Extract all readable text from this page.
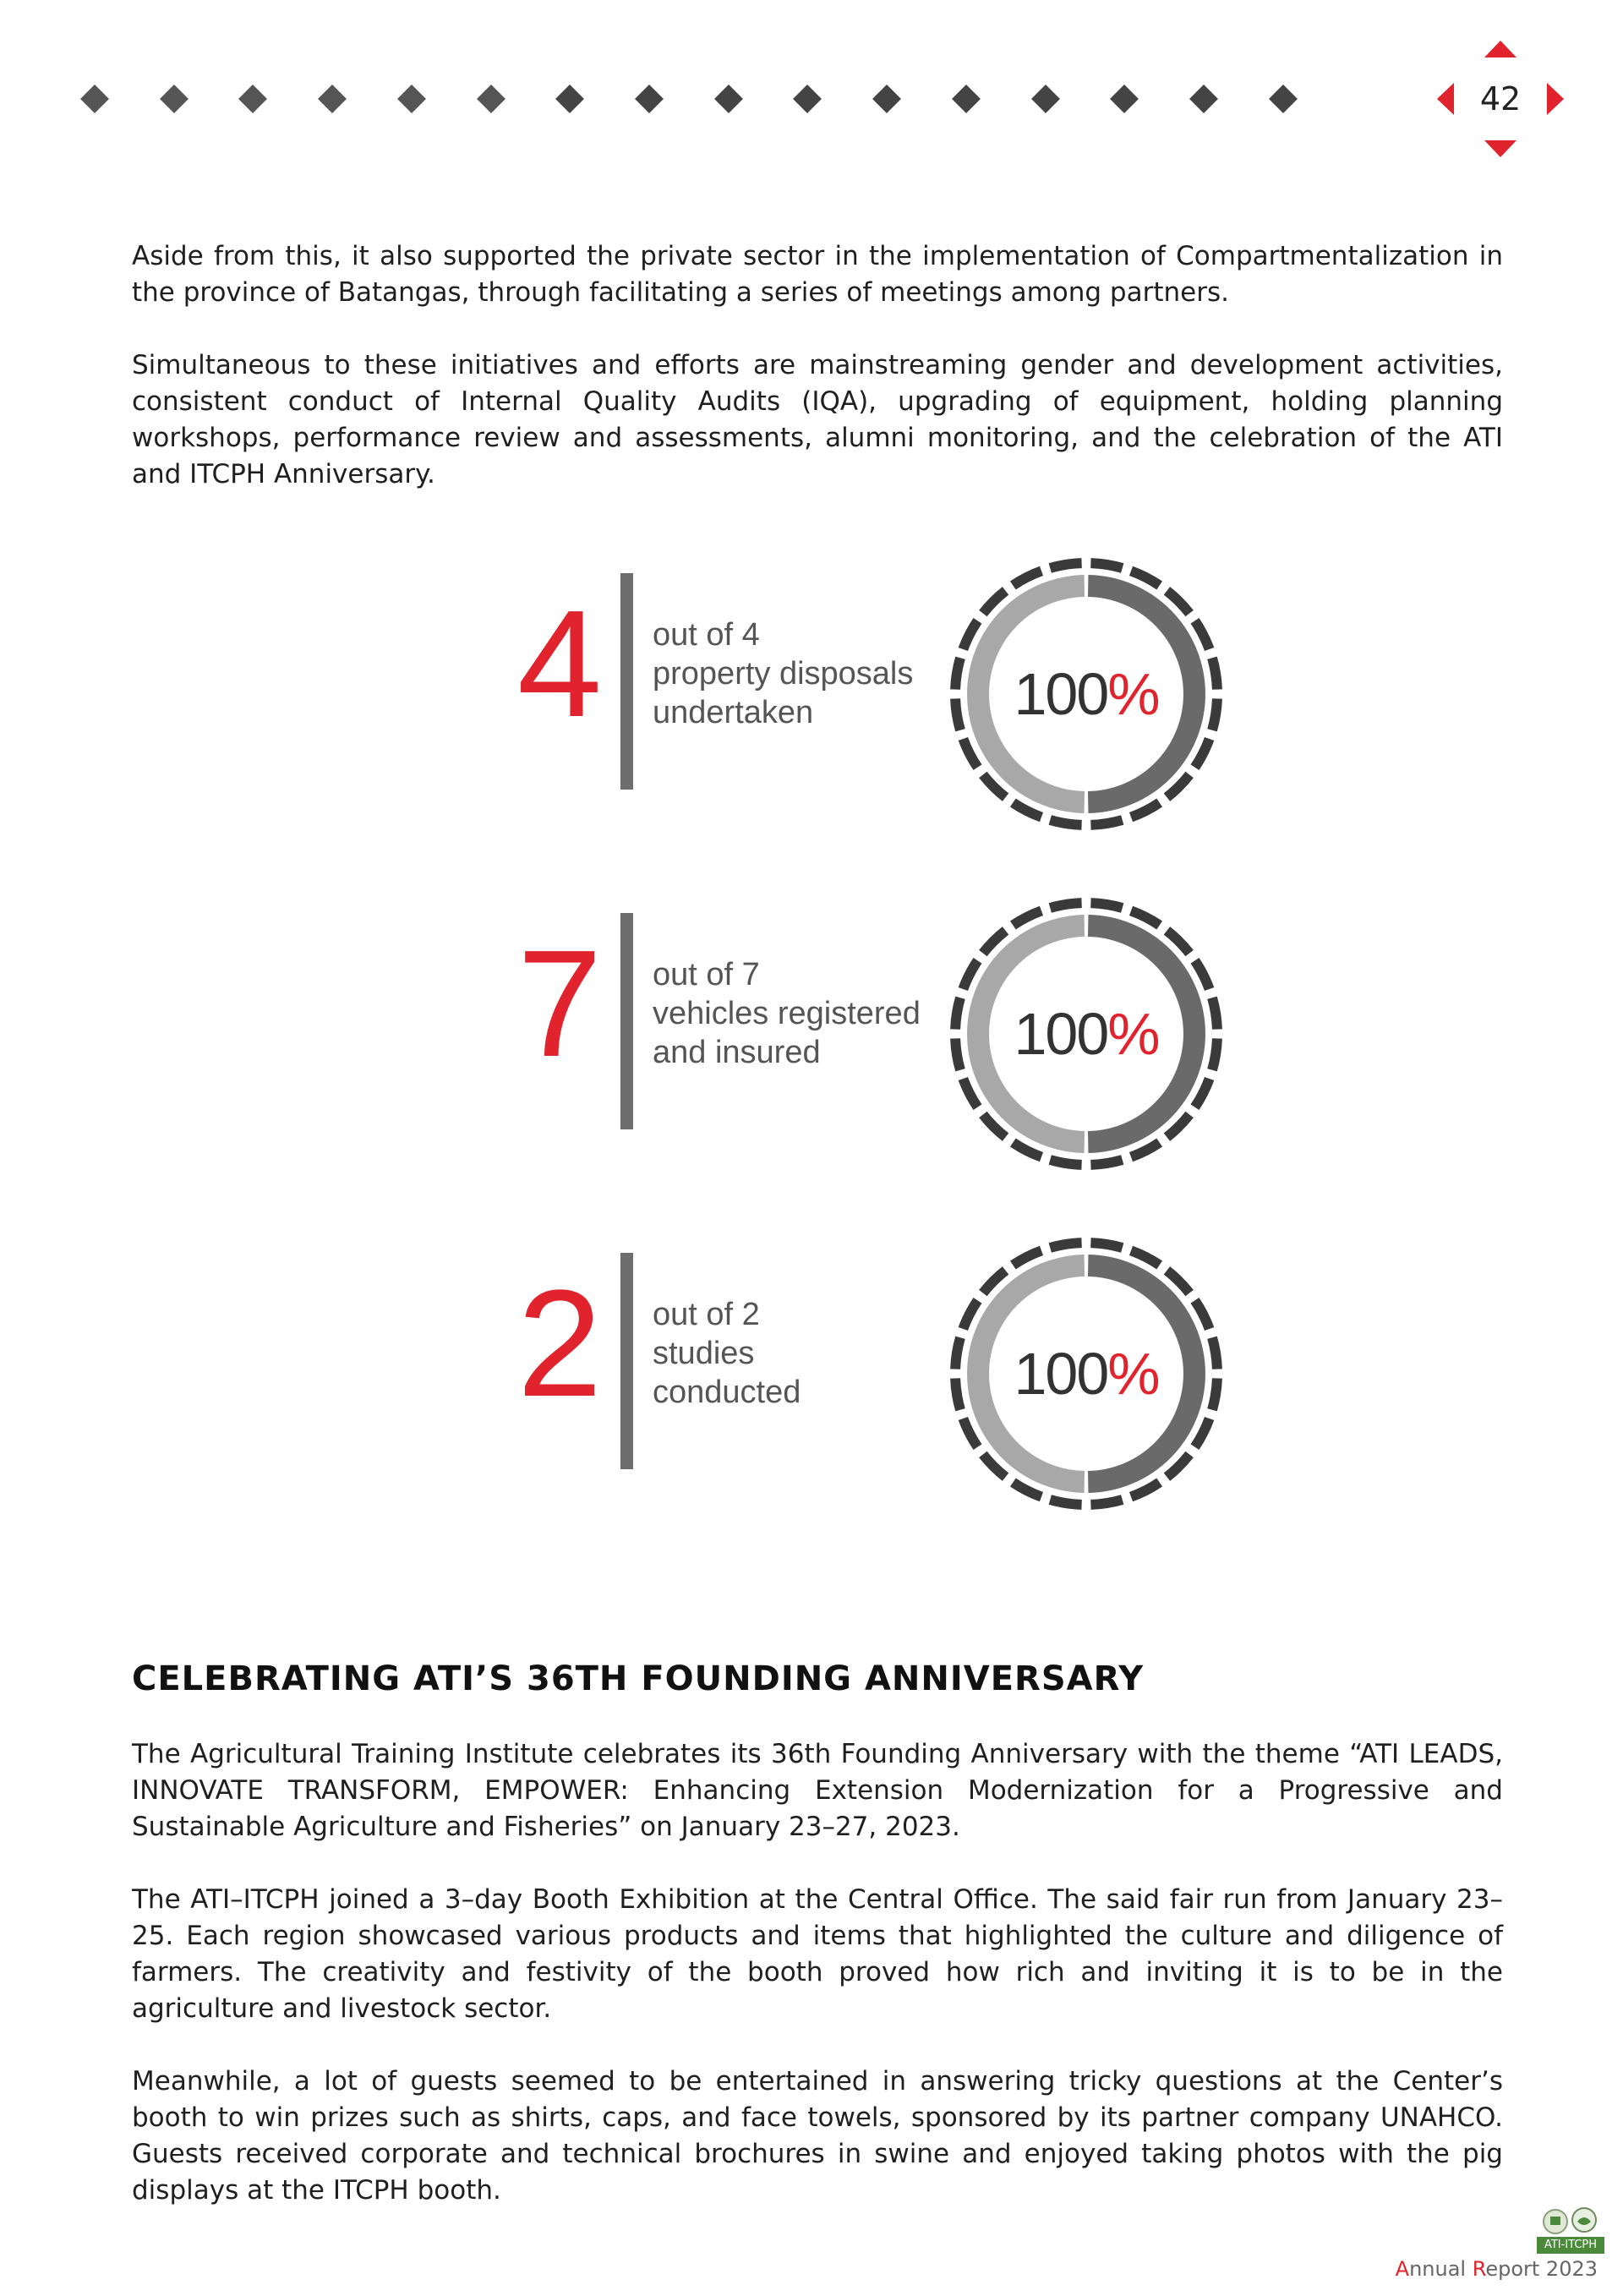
42

Aside from this, it also supported the private sector in the implementation of Compartmentalization in the province of Batangas, through facilitating a series of meetings among partners.

Simultaneous to these initiatives and efforts are mainstreaming gender and development activities, consistent conduct of Internal Quality Audits (IQA), upgrading of equipment, holding planning workshops, performance review and assessments, alumni monitoring, and the celebration of the ATI and ITCPH Anniversary.

4	out of 4
property disposals
undertaken	100 %
7	out of 7
vehicles registered
and insured	100 %
2	out of 2
studies
conducted	100 %
CELEBRATING ATI’S 36TH FOUNDING ANNIVERSARY

The Agricultural Training Institute celebrates its 36th Founding Anniversary with the theme “ATI LEADS, INNOVATE TRANSFORM, EMPOWER: Enhancing Extension Modernization for a Progressive and Sustainable Agriculture and Fisheries” on January 23–27, 2023.

The ATI–ITCPH joined a 3–day Booth Exhibition at the Central Office. The said fair run from January 23–25. Each region showcased various products and items that highlighted the culture and diligence of farmers. The creativity and festivity of the booth proved how rich and inviting it is to be in the agriculture and livestock sector.

Meanwhile, a lot of guests seemed to be entertained in answering tricky questions at the Center’s booth to win prizes such as shirts, caps, and face towels, sponsored by its partner company UNAHCO. Guests received corporate and technical brochures in swine and enjoyed taking photos with the pig displays at the ITCPH booth.

ATI-ITCPH
Annual Report 2023
